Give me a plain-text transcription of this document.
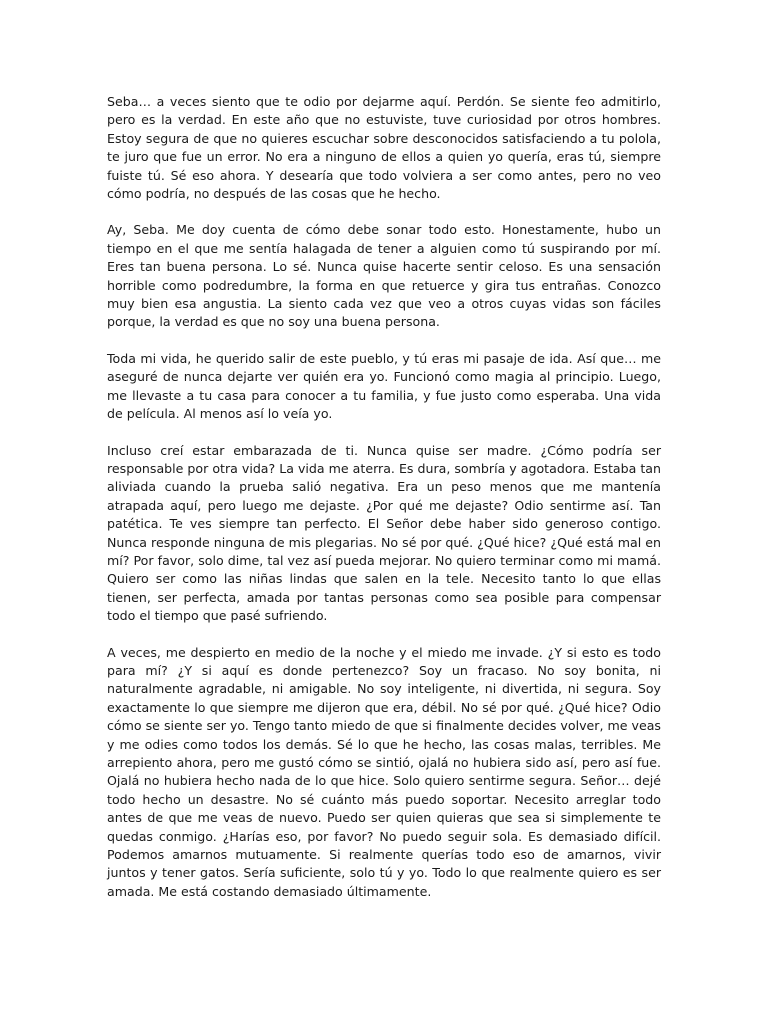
Seba… a veces siento que te odio por dejarme aquí. Perdón. Se siente feo admitirlo, pero es la verdad. En este año que no estuviste, tuve curiosidad por otros hombres. Estoy segura de que no quieres escuchar sobre desconocidos satisfaciendo a tu polola, te juro que fue un error. No era a ninguno de ellos a quien yo quería, eras tú, siempre fuiste tú. Sé eso ahora. Y desearía que todo volviera a ser como antes, pero no veo cómo podría, no después de las cosas que he hecho.

Ay, Seba. Me doy cuenta de cómo debe sonar todo esto. Honestamente, hubo un tiempo en el que me sentía halagada de tener a alguien como tú suspirando por mí. Eres tan buena persona. Lo sé. Nunca quise hacerte sentir celoso. Es una sensación horrible como podredumbre, la forma en que retuerce y gira tus entrañas. Conozco muy bien esa angustia. La siento cada vez que veo a otros cuyas vidas son fáciles porque, la verdad es que no soy una buena persona.

Toda mi vida, he querido salir de este pueblo, y tú eras mi pasaje de ida. Así que… me aseguré de nunca dejarte ver quién era yo. Funcionó como magia al principio. Luego, me llevaste a tu casa para conocer a tu familia, y fue justo como esperaba. Una vida de película. Al menos así lo veía yo.

Incluso creí estar embarazada de ti. Nunca quise ser madre. ¿Cómo podría ser responsable por otra vida? La vida me aterra. Es dura, sombría y agotadora. Estaba tan aliviada cuando la prueba salió negativa. Era un peso menos que me mantenía atrapada aquí, pero luego me dejaste. ¿Por qué me dejaste? Odio sentirme así. Tan patética. Te ves siempre tan perfecto. El Señor debe haber sido generoso contigo. Nunca responde ninguna de mis plegarias. No sé por qué. ¿Qué hice? ¿Qué está mal en mí? Por favor, solo dime, tal vez así pueda mejorar. No quiero terminar como mi mamá. Quiero ser como las niñas lindas que salen en la tele. Necesito tanto lo que ellas tienen, ser perfecta, amada por tantas personas como sea posible para compensar todo el tiempo que pasé sufriendo.

A veces, me despierto en medio de la noche y el miedo me invade. ¿Y si esto es todo para mí? ¿Y si aquí es donde pertenezco? Soy un fracaso. No soy bonita, ni naturalmente agradable, ni amigable. No soy inteligente, ni divertida, ni segura. Soy exactamente lo que siempre me dijeron que era, débil. No sé por qué. ¿Qué hice? Odio cómo se siente ser yo. Tengo tanto miedo de que si finalmente decides volver, me veas y me odies como todos los demás. Sé lo que he hecho, las cosas malas, terribles. Me arrepiento ahora, pero me gustó cómo se sintió, ojalá no hubiera sido así, pero así fue. Ojalá no hubiera hecho nada de lo que hice. Solo quiero sentirme segura. Señor… dejé todo hecho un desastre. No sé cuánto más puedo soportar. Necesito arreglar todo antes de que me veas de nuevo. Puedo ser quien quieras que sea si simplemente te quedas conmigo. ¿Harías eso, por favor? No puedo seguir sola. Es demasiado difícil. Podemos amarnos mutuamente. Si realmente querías todo eso de amarnos, vivir juntos y tener gatos. Sería suficiente, solo tú y yo. Todo lo que realmente quiero es ser amada. Me está costando demasiado últimamente.
